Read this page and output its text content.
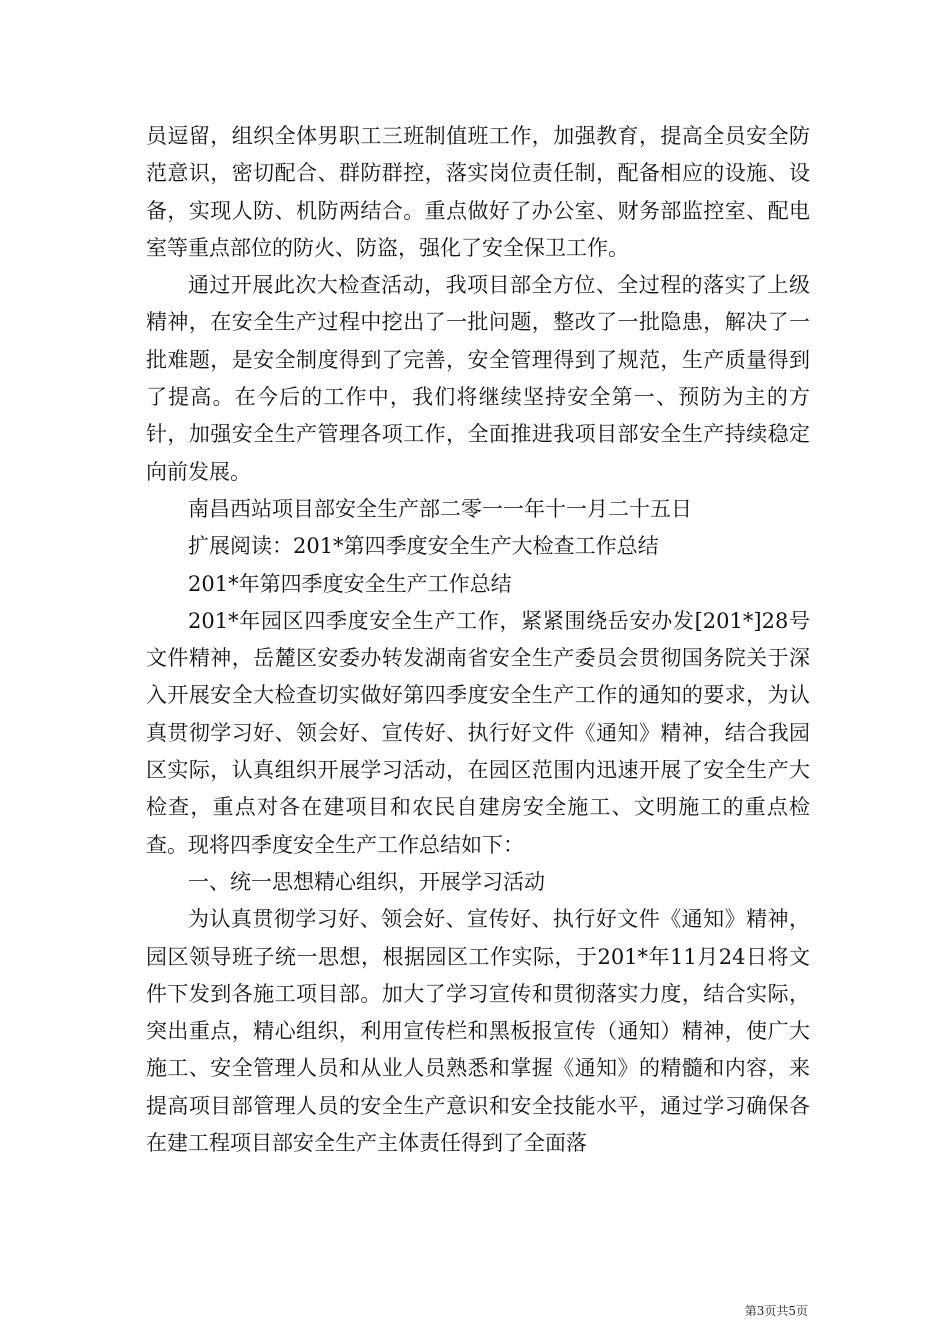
员逗留，组织全体男职工三班制值班工作，加强教育，提高全员安全防范意识，密切配合、群防群控，落实岗位责任制，配备相应的设施、设备，实现人防、机防两结合。重点做好了办公室、财务部监控室、配电室等重点部位的防火、防盗，强化了安全保卫工作。

通过开展此次大检查活动，我项目部全方位、全过程的落实了上级精神，在安全生产过程中挖出了一批问题，整改了一批隐患，解决了一批难题，是安全制度得到了完善，安全管理得到了规范，生产质量得到了提高。在今后的工作中，我们将继续坚持安全第一、预防为主的方针，加强安全生产管理各项工作，全面推进我项目部安全生产持续稳定向前发展。

南昌西站项目部安全生产部二零一一年十一月二十五日

扩展阅读：201*第四季度安全生产大检查工作总结

201*年第四季度安全生产工作总结

201*年园区四季度安全生产工作，紧紧围绕岳安办发[201*]28号文件精神，岳麓区安委办转发湖南省安全生产委员会贯彻国务院关于深入开展安全大检查切实做好第四季度安全生产工作的通知的要求，为认真贯彻学习好、领会好、宣传好、执行好文件《通知》精神，结合我园区实际，认真组织开展学习活动，在园区范围内迅速开展了安全生产大检查，重点对各在建项目和农民自建房安全施工、文明施工的重点检查。现将四季度安全生产工作总结如下：

一、统一思想精心组织，开展学习活动

为认真贯彻学习好、领会好、宣传好、执行好文件《通知》精神，园区领导班子统一思想，根据园区工作实际，于201*年11月24日将文件下发到各施工项目部。加大了学习宣传和贯彻落实力度，结合实际，突出重点，精心组织，利用宣传栏和黑板报宣传（通知）精神，使广大施工、安全管理人员和从业人员熟悉和掌握《通知》的精髓和内容，来提高项目部管理人员的安全生产意识和安全技能水平，通过学习确保各在建工程项目部安全生产主体责任得到了全面落

第3页共5页
